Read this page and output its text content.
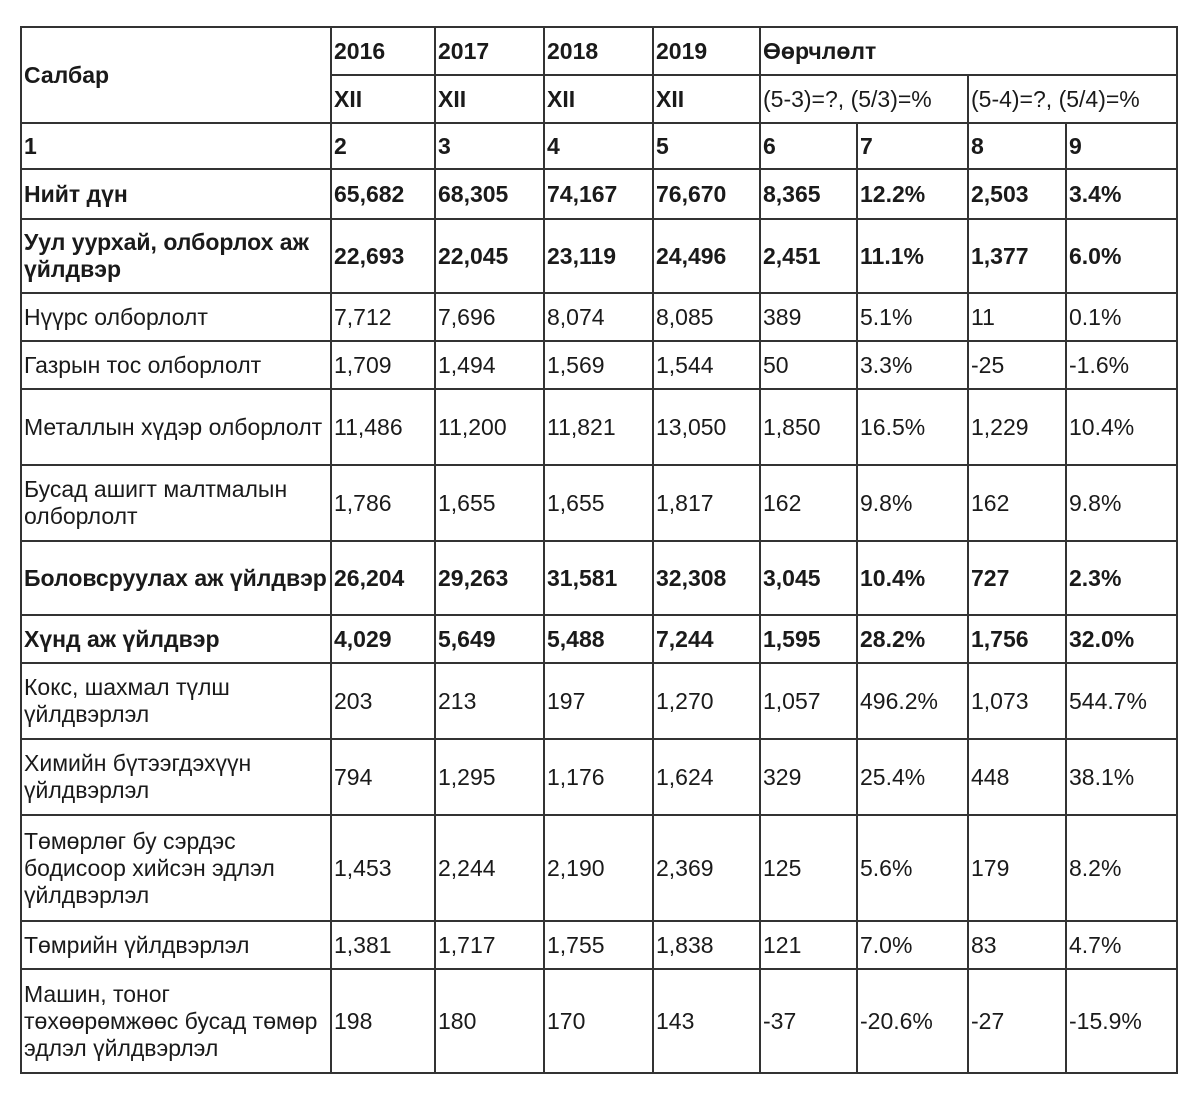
Салбар	2016	2017	2018	2019	Өөрчлөлт			
	XII	XII	XII	XII	(5-3)=?, (5/3)=%		(5-4)=?, (5/4)=%	
1	2	3	4	5	6	7	8	9
Нийт дүн	65,682	68,305	74,167	76,670	8,365	12.2%	2,503	3.4%
Уул уурхай, олборлох аж үйлдвэр	22,693	22,045	23,119	24,496	2,451	11.1%	1,377	6.0%
Нүүрс олборлолт	7,712	7,696	8,074	8,085	389	5.1%	11	0.1%
Газрын тос олборлолт	1,709	1,494	1,569	1,544	50	3.3%	-25	-1.6%
Металлын хүдэр олборлолт	11,486	11,200	11,821	13,050	1,850	16.5%	1,229	10.4%
Бусад ашигт малтмалын олборлолт	1,786	1,655	1,655	1,817	162	9.8%	162	9.8%
Боловсруулах аж үйлдвэр	26,204	29,263	31,581	32,308	3,045	10.4%	727	2.3%
Хүнд аж үйлдвэр	4,029	5,649	5,488	7,244	1,595	28.2%	1,756	32.0%
Кокс, шахмал түлш үйлдвэрлэл	203	213	197	1,270	1,057	496.2%	1,073	544.7%
Химийн бүтээгдэхүүн үйлдвэрлэл	794	1,295	1,176	1,624	329	25.4%	448	38.1%
Төмөрлөг бу сэрдэс бодисоор хийсэн эдлэл үйлдвэрлэл	1,453	2,244	2,190	2,369	125	5.6%	179	8.2%
Төмрийн үйлдвэрлэл	1,381	1,717	1,755	1,838	121	7.0%	83	4.7%
Машин, тоног төхөөрөмжөөс бусад төмөр эдлэл үйлдвэрлэл	198	180	170	143	-37	-20.6%	-27	-15.9%
